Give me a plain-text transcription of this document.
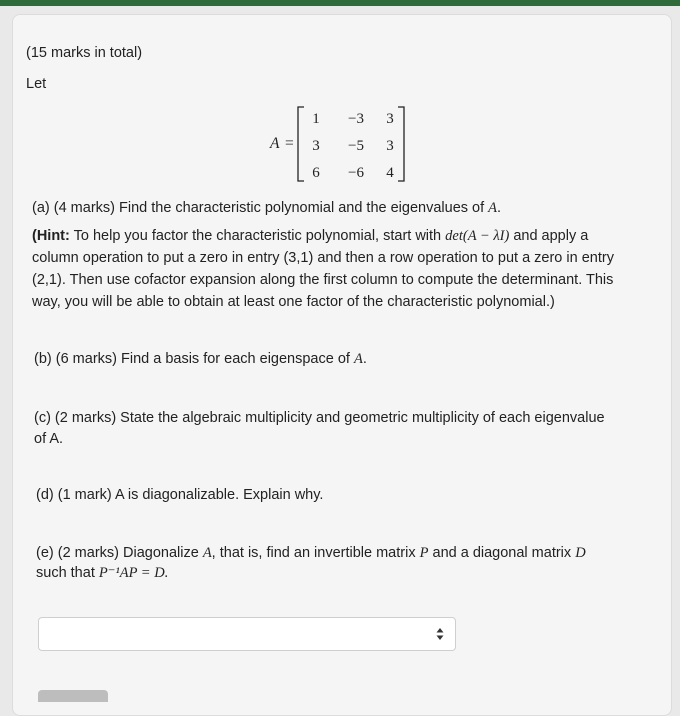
(15 marks in total)
Let
A =
1 −3 3
3 −5 3
6 −6 4
(a) (4 marks) Find the characteristic polynomial and the eigenvalues of A.
(Hint: To help you factor the characteristic polynomial, start with det(A − λI) and apply a
column operation to put a zero in entry (3,1) and then a row operation to put a zero in entry
(2,1). Then use cofactor expansion along the first column to compute the determinant. This
way, you will be able to obtain at least one factor of the characteristic polynomial.)
(b) (6 marks) Find a basis for each eigenspace of A.
(c) (2 marks) State the algebraic multiplicity and geometric multiplicity of each eigenvalue
of A.
(d) (1 mark) A is diagonalizable. Explain why.
(e) (2 marks) Diagonalize A, that is, find an invertible matrix P and a diagonal matrix D
such that P⁻¹AP = D.
